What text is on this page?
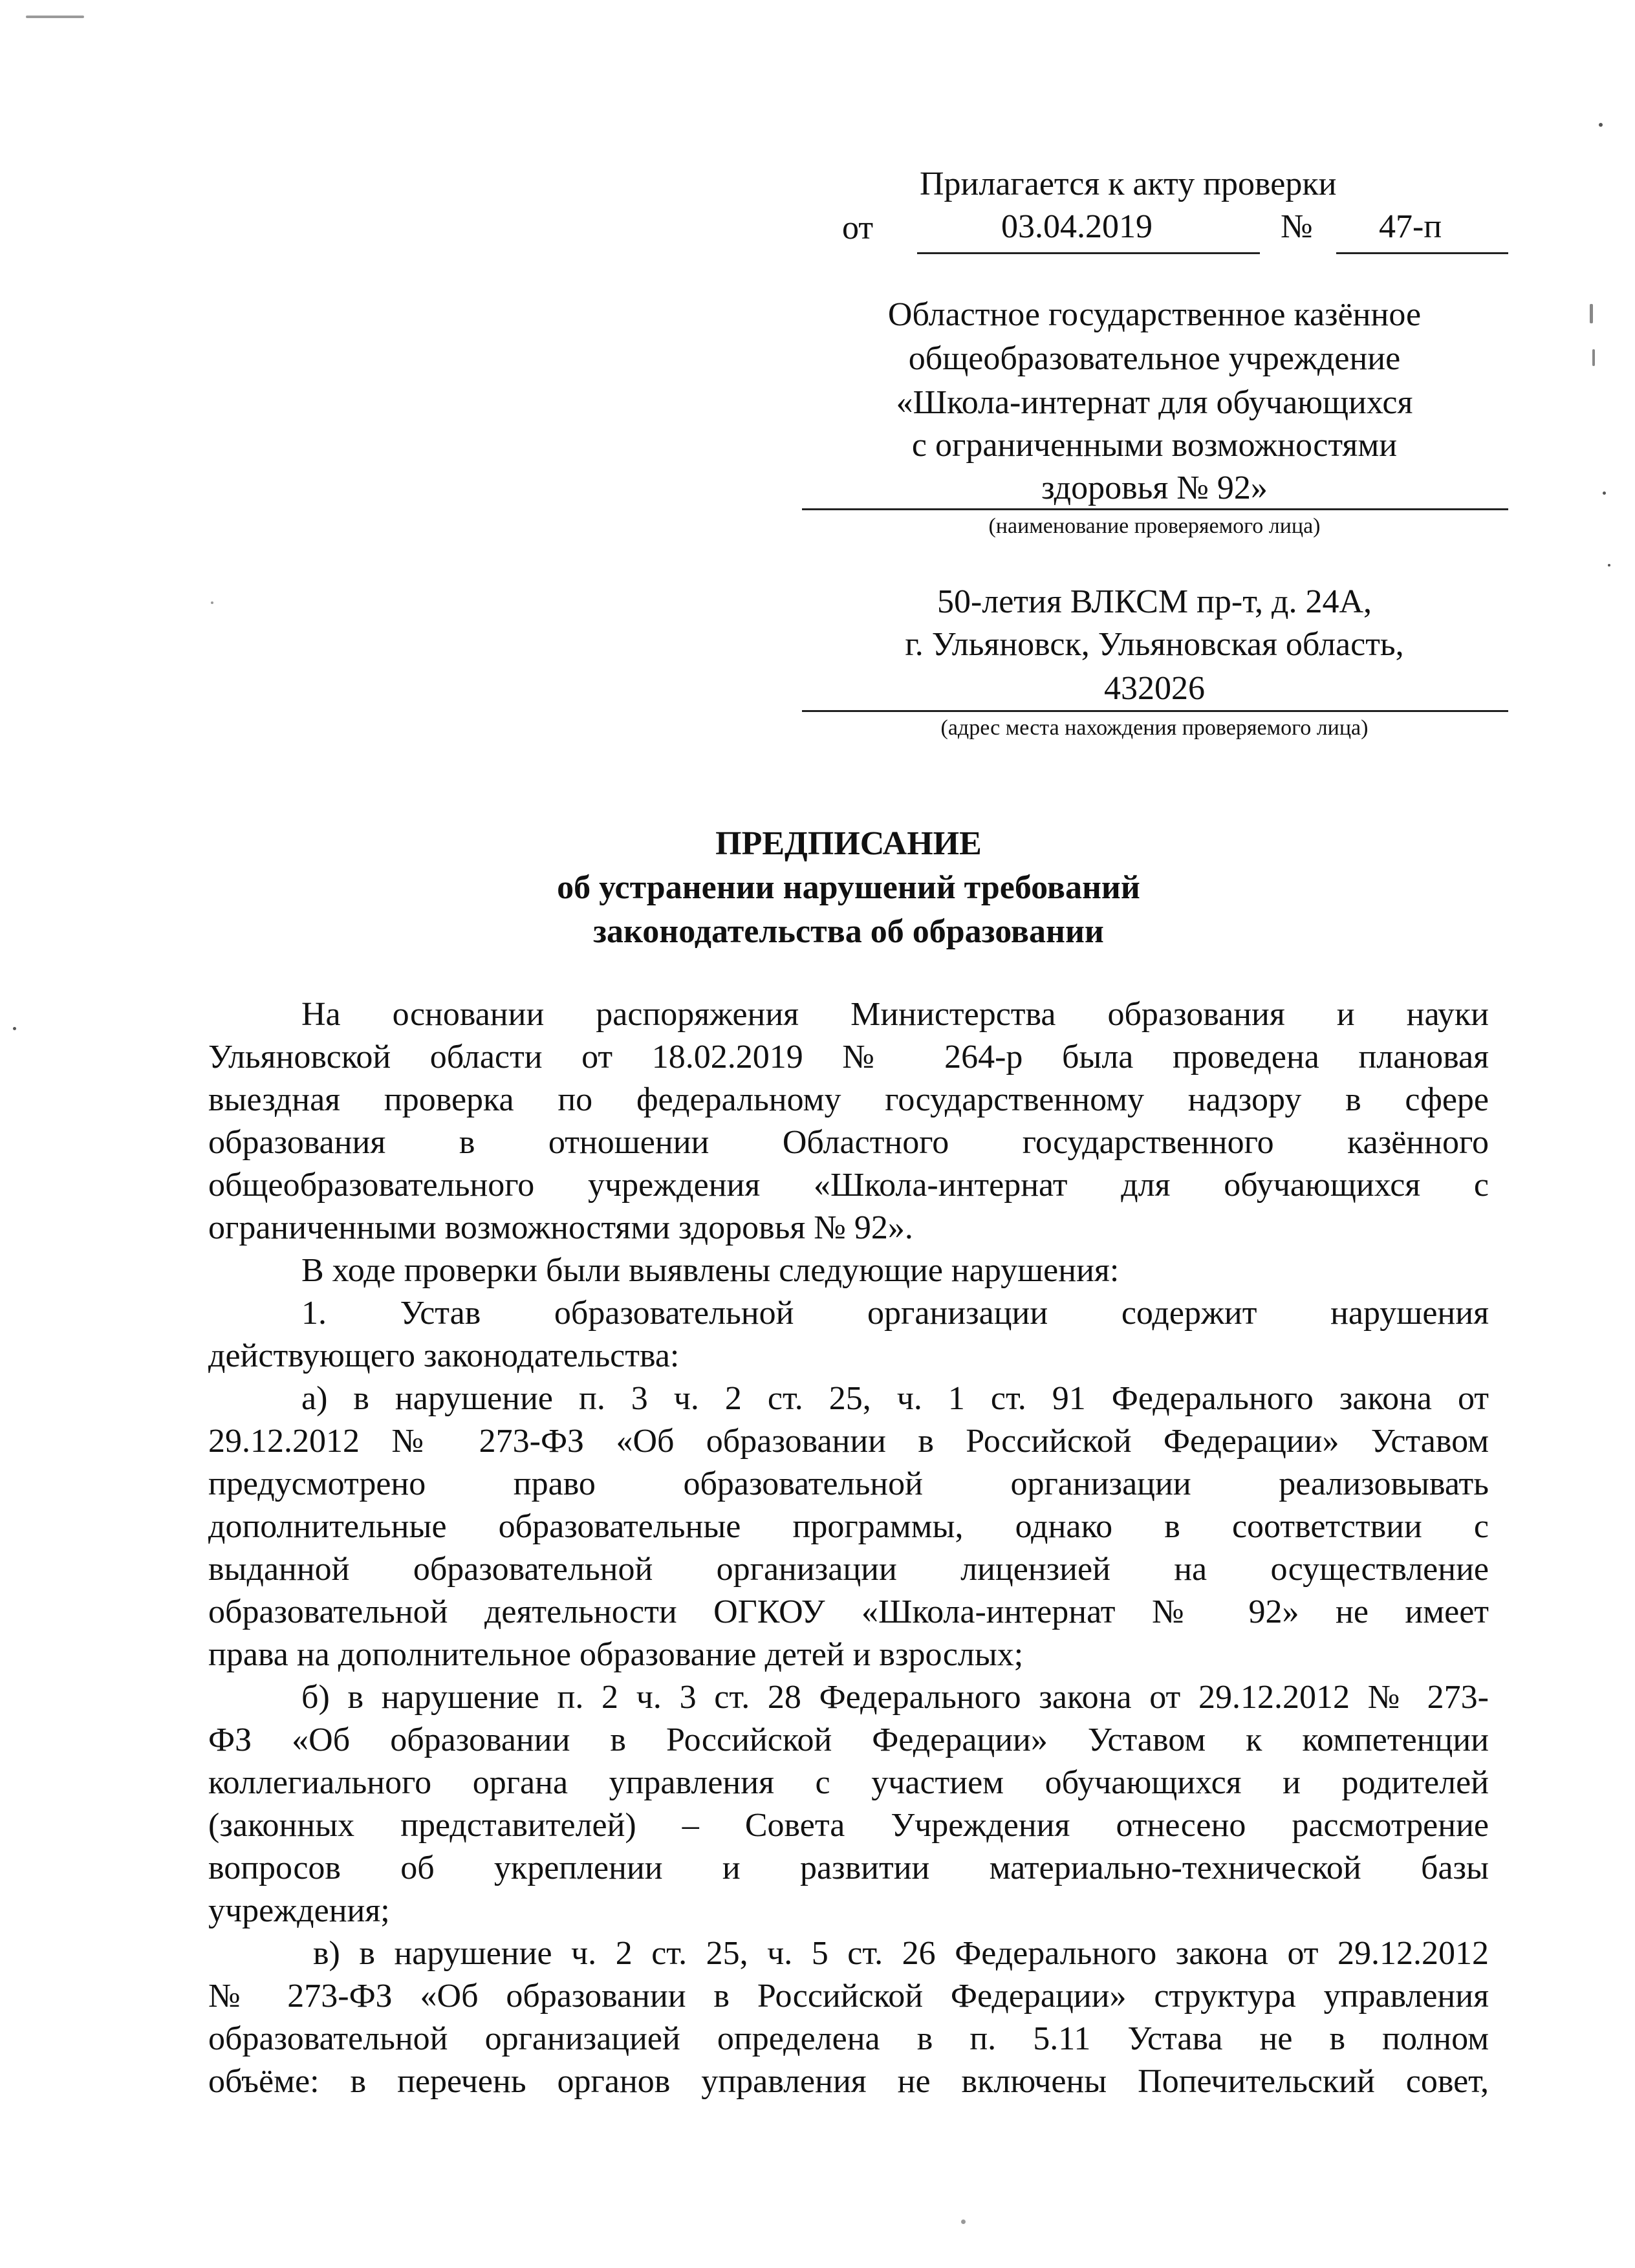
Прилагается к акту проверки
от	03.04.2019	№ 47-п
Областное государственное казённое
общеобразовательное учреждение
«Школа-интернат для обучающихся
с ограниченными возможностями
здоровья № 92»
(наименование проверяемого лица)
50-летия ВЛКСМ пр-т, д. 24А,
г. Ульяновск, Ульяновская область,
432026
(адрес места нахождения проверяемого лица)
ПРЕДПИСАНИЕ
об устранении нарушений требований
законодательства об образовании
На основании распоряжения Министерства образования и науки
Ульяновской области от 18.02.2019 № 264-р была проведена плановая
выездная проверка по федеральному государственному надзору в сфере
образования в отношении Областного государственного казённого
общеобразовательного учреждения «Школа-интернат для обучающихся с
ограниченными возможностями здоровья № 92».
В ходе проверки были выявлены следующие нарушения:
1. Устав образовательной организации содержит нарушения
действующего законодательства:
а) в нарушение п. 3 ч. 2 ст. 25, ч. 1 ст. 91 Федерального закона от
29.12.2012 № 273-ФЗ «Об образовании в Российской Федерации» Уставом
предусмотрено право образовательной организации реализовывать
дополнительные образовательные программы, однако в соответствии с
выданной образовательной организации лицензией на осуществление
образовательной деятельности ОГКОУ «Школа-интернат № 92» не имеет
права на дополнительное образование детей и взрослых;
б) в нарушение п. 2 ч. 3 ст. 28 Федерального закона от 29.12.2012 № 273-
ФЗ «Об образовании в Российской Федерации» Уставом к компетенции
коллегиального органа управления с участием обучающихся и родителей
(законных представителей) – Совета Учреждения отнесено рассмотрение
вопросов об укреплении и развитии материально-технической базы
учреждения;
в) в нарушение ч. 2 ст. 25, ч. 5 ст. 26 Федерального закона от 29.12.2012
№ 273-ФЗ «Об образовании в Российской Федерации» структура управления
образовательной организацией определена в п. 5.11 Устава не в полном
объёме: в перечень органов управления не включены Попечительский совет,
